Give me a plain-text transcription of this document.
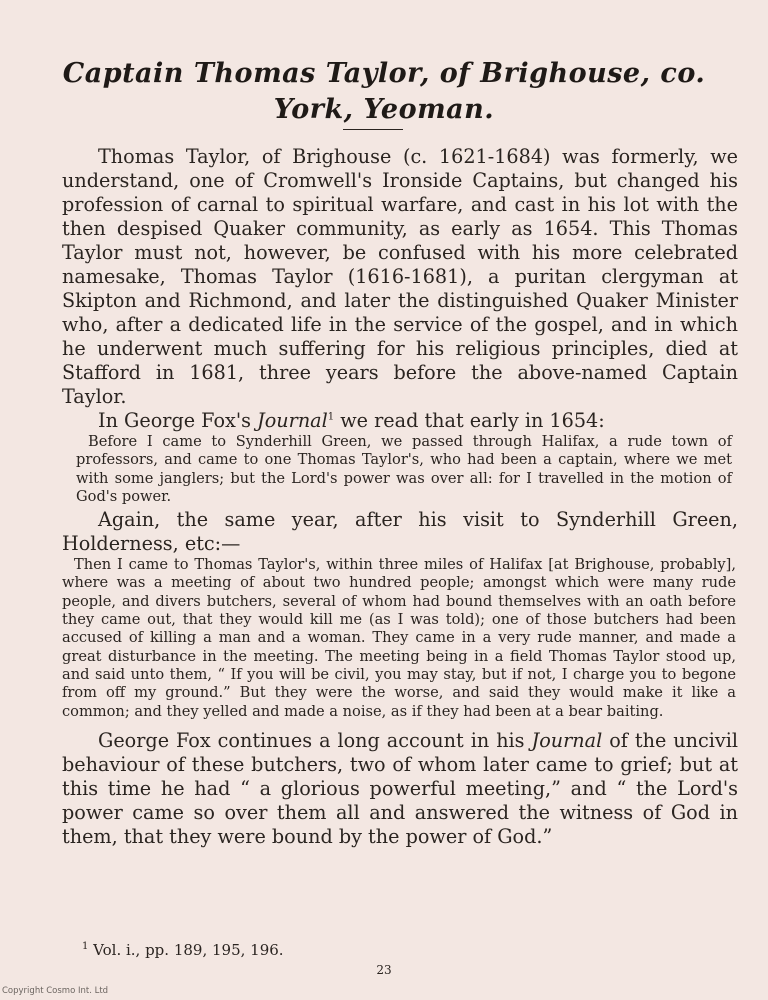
Captain Thomas Taylor, of Brighouse, co. York, Yeoman.

Thomas Taylor, of Brighouse (c. 1621-1684) was formerly, we understand, one of Cromwell's Ironside Captains, but changed his profession of carnal to spiritual warfare, and cast in his lot with the then despised Quaker community, as early as 1654. This Thomas Taylor must not, however, be confused with his more celebrated namesake, Thomas Taylor (1616-1681), a puritan clergyman at Skipton and Richmond, and later the distinguished Quaker Minister who, after a dedicated life in the service of the gospel, and in which he underwent much suffering for his religious principles, died at Stafford in 1681, three years before the above-named Captain Taylor.

In George Fox's Journal$^1$ we read that early in 1654:

Before I came to Synderhill Green, we passed through Halifax, a rude town of professors, and came to one Thomas Taylor's, who had been a captain, where we met with some janglers; but the Lord's power was over all: for I travelled in the motion of God's power.

Again, the same year, after his visit to Synderhill Green, Holderness, etc:—

Then I came to Thomas Taylor's, within three miles of Halifax [at Brighouse, probably], where was a meeting of about two hundred people; amongst which were many rude people, and divers butchers, several of whom had bound themselves with an oath before they came out, that they would kill me (as I was told); one of those butchers had been accused of killing a man and a woman. They came in a very rude manner, and made a great disturbance in the meeting. The meeting being in a field Thomas Taylor stood up, and said unto them, “ If you will be civil, you may stay, but if not, I charge you to begone from off my ground.” But they were the worse, and said they would make it like a common; and they yelled and made a noise, as if they had been at a bear baiting.

George Fox continues a long account in his Journal of the uncivil behaviour of these butchers, two of whom later came to grief; but at this time he had “ a glorious powerful meeting,” and “ the Lord's power came so over them all and answered the witness of God in them, that they were bound by the power of God.”

$^1$ Vol. i., pp. 189, 195, 196.
23
Copyright Cosmo Int. Ltd
